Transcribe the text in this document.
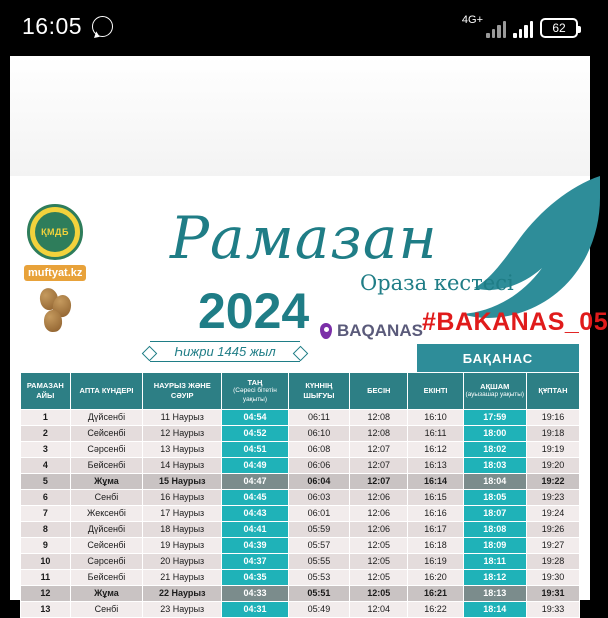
16:05	4G+
62
ҚМДБ
muftyat.kz
Рамазан
Ораза кестесі
2024
Һижри 1445 жыл
BAQANAS #BAKANAS_05
БАҚАНАС
РАМАЗАН АЙЫ	АПТА КҮНДЕРІ	НАУРЫЗ ЖӘНЕ СӘУІР	ТАҢ
(Сәресі бітетін уақыты)	КҮННІҢ ШЫҒУЫ	БЕСІН	ЕКІНТІ	АҚШАМ
(ауызашар уақыты)	ҚҰПТАН
1	Дүйсенбі	11 Наурыз	04:54	06:11	12:08	16:10	17:59	19:16
2	Сейсенбі	12 Наурыз	04:52	06:10	12:08	16:11	18:00	19:18
3	Сәрсенбі	13 Наурыз	04:51	06:08	12:07	16:12	18:02	19:19
4	Бейсенбі	14 Наурыз	04:49	06:06	12:07	16:13	18:03	19:20
5	Жұма	15 Наурыз	04:47	06:04	12:07	16:14	18:04	19:22
6	Сенбі	16 Наурыз	04:45	06:03	12:06	16:15	18:05	19:23
7	Жексенбі	17 Наурыз	04:43	06:01	12:06	16:16	18:07	19:24
8	Дүйсенбі	18 Наурыз	04:41	05:59	12:06	16:17	18:08	19:26
9	Сейсенбі	19 Наурыз	04:39	05:57	12:05	16:18	18:09	19:27
10	Сәрсенбі	20 Наурыз	04:37	05:55	12:05	16:19	18:11	19:28
11	Бейсенбі	21 Наурыз	04:35	05:53	12:05	16:20	18:12	19:30
12	Жұма	22 Наурыз	04:33	05:51	12:05	16:21	18:13	19:31
13	Сенбі	23 Наурыз	04:31	05:49	12:04	16:22	18:14	19:33
